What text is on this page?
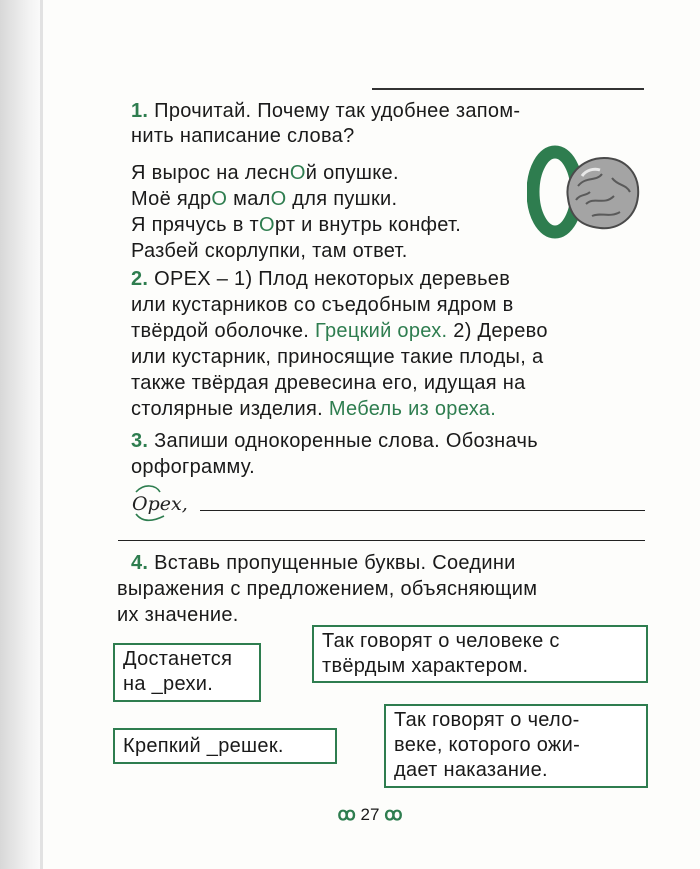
1. Прочитай. Почему так удобнее запом-
нить написание слова?
Я вырос на леснОй опушке.
Моё ядрО малО для пушки.
Я прячусь в тОрт и внутрь конфет.
Разбей скорлупки, там ответ.
2. ОРЕХ – 1) Плод некоторых деревьев
или кустарников со съедобным ядром в
твёрдой оболочке. Грецкий орех. 2) Дерево
или кустарник, приносящие такие плоды, а
также твёрдая древесина его, идущая на
столярные изделия. Мебель из ореха.
3. Запиши однокоренные слова. Обозначь
орфограмму.
Орех,
4. Вставь пропущенные буквы. Соедини
выражения с предложением, объясняющим
их значение.
Так говорят о человеке с
твёрдым характером.
Достанется
на _рехи.
Так говорят о чело-
веке, которого ожи-
дает наказание.
Крепкий _решек.
ꝏ 27 ꝏ
